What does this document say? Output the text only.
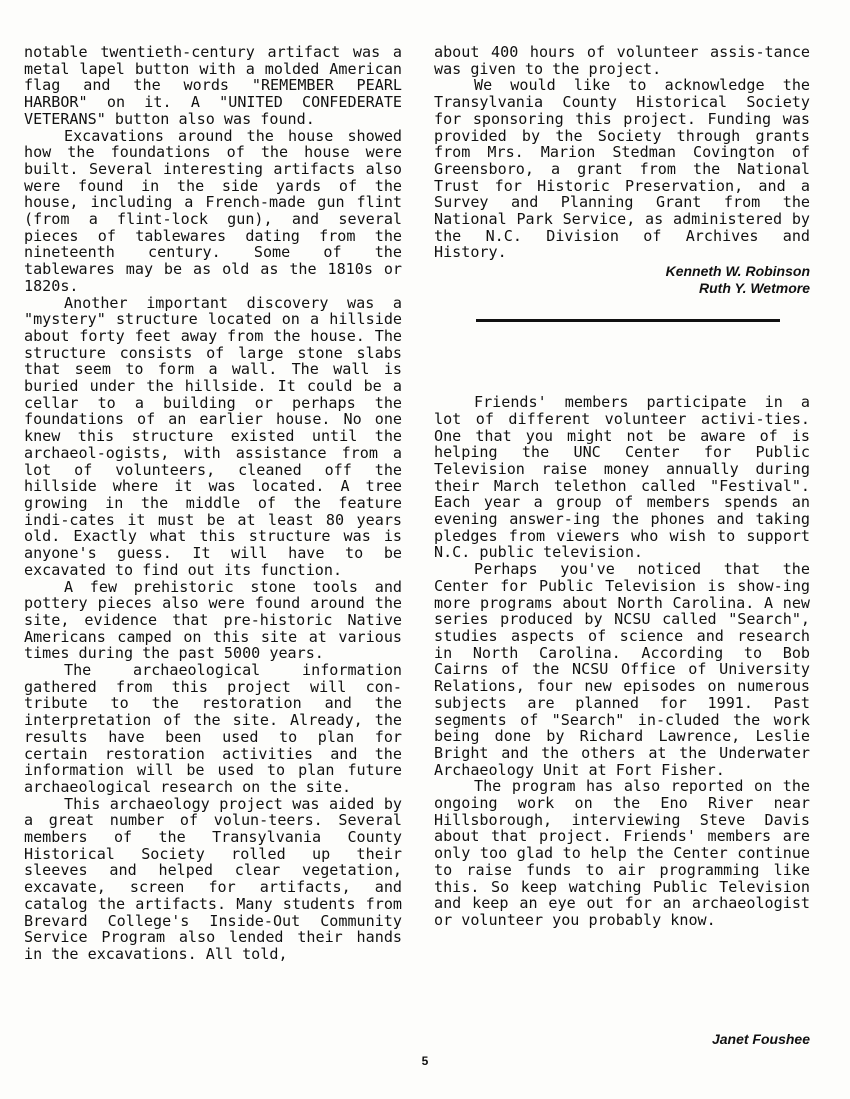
notable twentieth-century artifact was a metal lapel button with a molded American flag and the words "REMEMBER PEARL HARBOR" on it. A "UNITED CONFEDERATE VETERANS" button also was found.

Excavations around the house showed how the foundations of the house were built. Several interesting artifacts also were found in the side yards of the house, including a French-made gun flint (from a flint-lock gun), and several pieces of tablewares dating from the nineteenth century. Some of the tablewares may be as old as the 1810s or 1820s.

Another important discovery was a "mystery" structure located on a hillside about forty feet away from the house. The structure consists of large stone slabs that seem to form a wall. The wall is buried under the hillside. It could be a cellar to a building or perhaps the foundations of an earlier house. No one knew this structure existed until the archaeol-ogists, with assistance from a lot of volunteers, cleaned off the hillside where it was located. A tree growing in the middle of the feature indi-cates it must be at least 80 years old. Exactly what this structure was is anyone's guess. It will have to be excavated to find out its function.

A few prehistoric stone tools and pottery pieces also were found around the site, evidence that pre-historic Native Americans camped on this site at various times during the past 5000 years.

The archaeological information gathered from this project will con-tribute to the restoration and the interpretation of the site. Already, the results have been used to plan for certain restoration activities and the information will be used to plan future archaeological research on the site.

This archaeology project was aided by a great number of volun-teers. Several members of the Transylvania County Historical Society rolled up their sleeves and helped clear vegetation, excavate, screen for artifacts, and catalog the artifacts. Many students from Brevard College's Inside-Out Community Service Program also lended their hands in the excavations. All told,

about 400 hours of volunteer assis-tance was given to the project.

We would like to acknowledge the Transylvania County Historical Society for sponsoring this project. Funding was provided by the Society through grants from Mrs. Marion Stedman Covington of Greensboro, a grant from the National Trust for Historic Preservation, and a Survey and Planning Grant from the National Park Service, as administered by the N.C. Division of Archives and History.

Kenneth W. Robinson
Ruth Y. Wetmore

Friends' members participate in a lot of different volunteer activi-ties. One that you might not be aware of is helping the UNC Center for Public Television raise money annually during their March telethon called "Festival". Each year a group of members spends an evening answer-ing the phones and taking pledges from viewers who wish to support N.C. public television.

Perhaps you've noticed that the Center for Public Television is show-ing more programs about North Carolina. A new series produced by NCSU called "Search", studies aspects of science and research in North Carolina. According to Bob Cairns of the NCSU Office of University Relations, four new episodes on numerous subjects are planned for 1991. Past segments of "Search" in-cluded the work being done by Richard Lawrence, Leslie Bright and the others at the Underwater Archaeology Unit at Fort Fisher.

The program has also reported on the ongoing work on the Eno River near Hillsborough, interviewing Steve Davis about that project. Friends' members are only too glad to help the Center continue to raise funds to air programming like this. So keep watching Public Television and keep an eye out for an archaeologist or volunteer you probably know.

Janet Foushee
5
